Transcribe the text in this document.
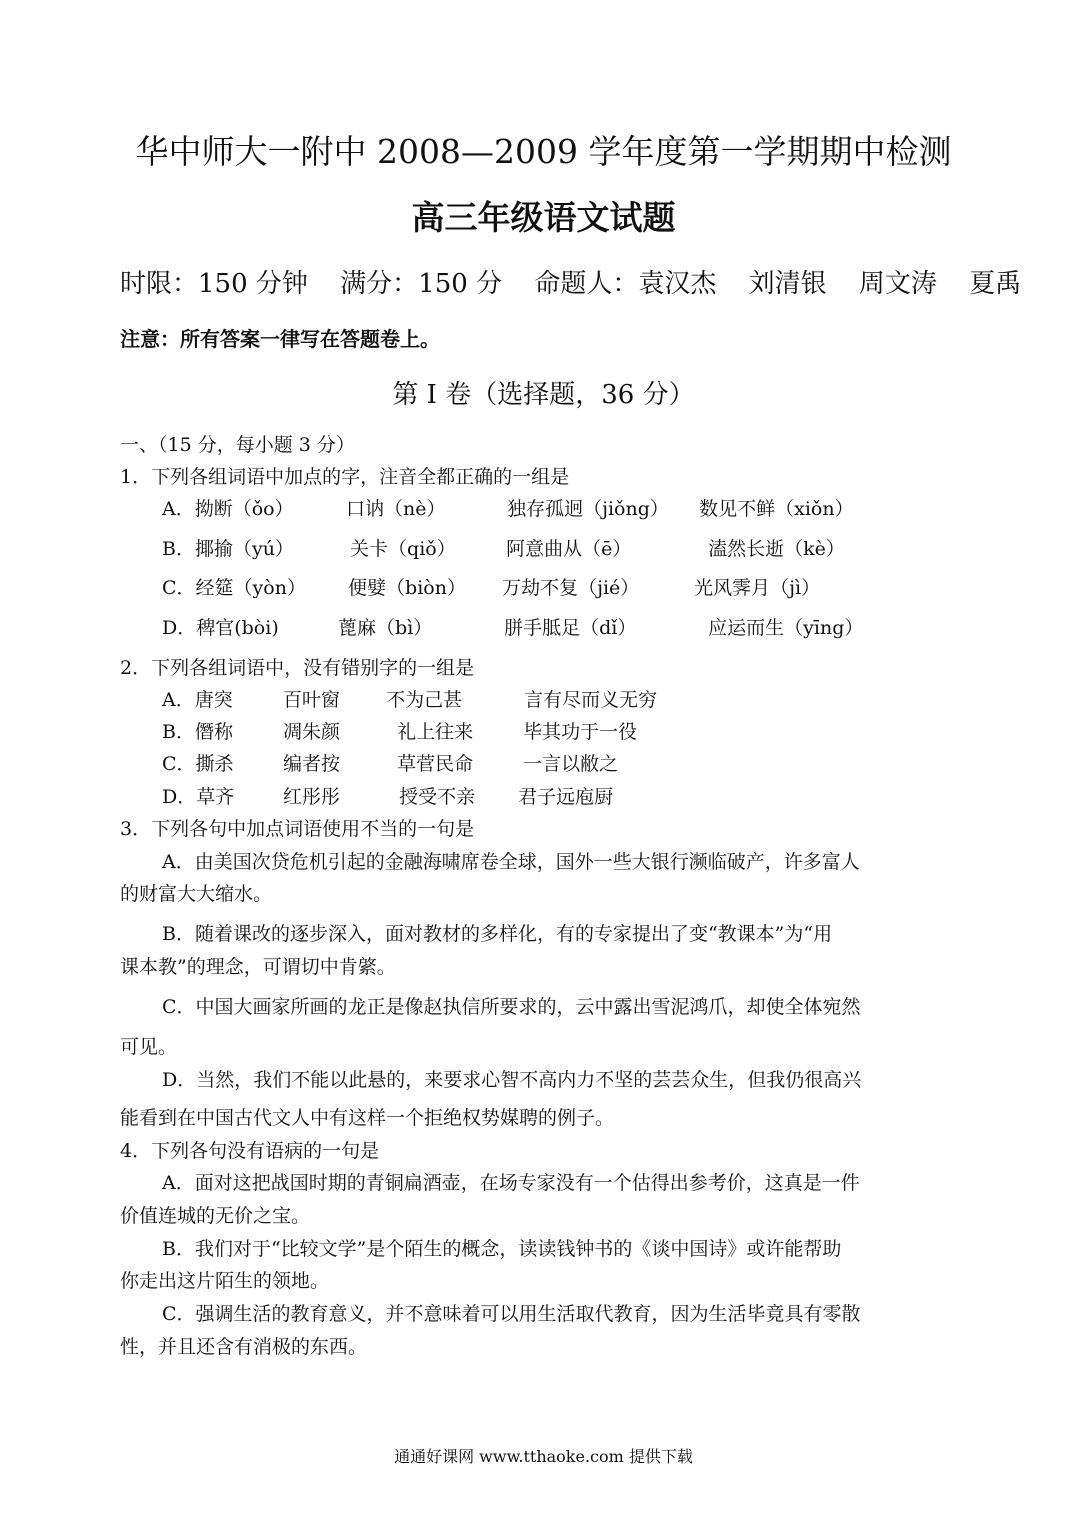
华中师大一附中 2008—2009 学年度第一学期期中检测
高三年级语文试题
时限：150 分钟 满分：150 分 命题人：袁汉杰 刘清银 周文涛 夏禹
注意：所有答案一律写在答题卷上。
第 I 卷（选择题，36 分）
一、（15 分，每小题 3 分）
1．下列各组词语中加点的字，注音全都正确的一组是
A．拗断（ǒo）	口讷（nè）	独存孤迥（jiǒng） 数见不鲜（xiǒn）
B．揶揄（yú）	关卡（qiǒ）	阿意曲从（ē）	溘然长逝（kè）
C．经筵（yòn） 便嬖（biòn） 万劫不复（jié）	光风霁月（jì）
D．稗官(bòi)	蓖麻（bì）	胼手胝足（dǐ）	应运而生（yīng）
2．下列各组词语中，没有错别字的一组是
A．唐突	百叶窗 不为己甚	言有尽而义无穷
B．僭称	凋朱颜	礼上往来	毕其功于一役
C．撕杀	编者按	草菅民命	一言以敝之
D．草齐	红彤彤	授受不亲 君子远庖厨
3．下列各句中加点词语使用不当的一句是
A．由美国次贷危机引起的金融海啸席卷全球，国外一些大银行濒临破产，许多富人
的财富大大缩水。
B．随着课改的逐步深入，面对教材的多样化，有的专家提出了变“教课本”为“用
课本教”的理念，可谓切中肯綮。
C．中国大画家所画的龙正是像赵执信所要求的，云中露出雪泥鸿爪，却使全体宛然
可见。
D．当然，我们不能以此悬的，来要求心智不高内力不坚的芸芸众生，但我仍很高兴
能看到在中国古代文人中有这样一个拒绝权势媒聘的例子。
4．下列各句没有语病的一句是
A．面对这把战国时期的青铜扁酒壶，在场专家没有一个估得出参考价，这真是一件
价值连城的无价之宝。
B．我们对于“比较文学”是个陌生的概念，读读钱钟书的《谈中国诗》或许能帮助
你走出这片陌生的领地。
C．强调生活的教育意义，并不意味着可以用生活取代教育，因为生活毕竟具有零散
性，并且还含有消极的东西。
通通好课网 www.tthaoke.com 提供下载
